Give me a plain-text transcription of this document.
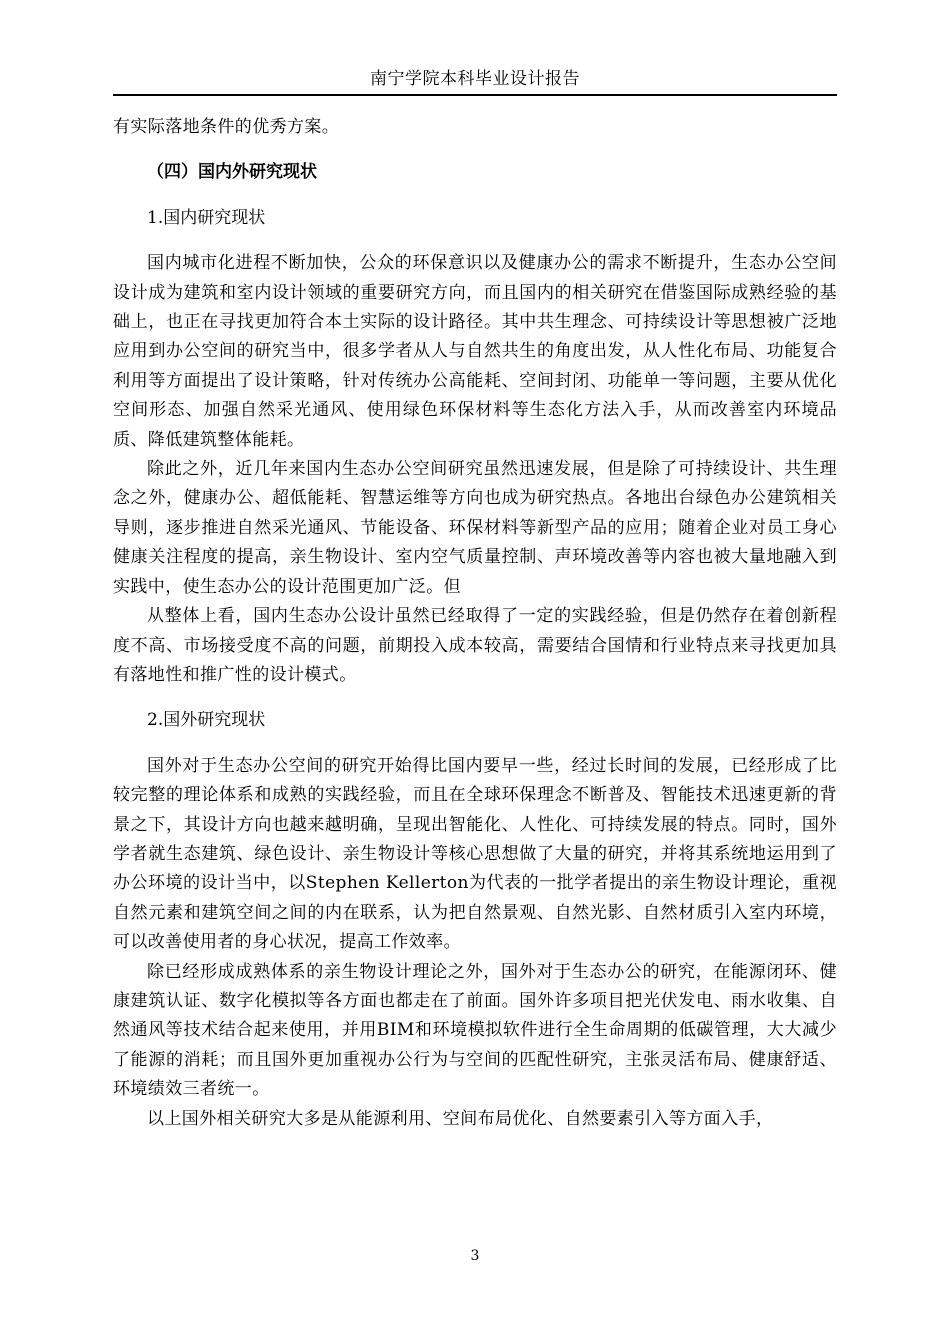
南宁学院本科毕业设计报告

有实际落地条件的优秀方案。

（四）国内外研究现状
1.国内研究现状

国内城市化进程不断加快，公众的环保意识以及健康办公的需求不断提升，生态办公空间设计成为建筑和室内设计领域的重要研究方向，而且国内的相关研究在借鉴国际成熟经验的基础上，也正在寻找更加符合本土实际的设计路径。其中共生理念、可持续设计等思想被广泛地应用到办公空间的研究当中，很多学者从人与自然共生的角度出发，从人性化布局、功能复合利用等方面提出了设计策略，针对传统办公高能耗、空间封闭、功能单一等问题，主要从优化空间形态、加强自然采光通风、使用绿色环保材料等生态化方法入手，从而改善室内环境品质、降低建筑整体能耗。

除此之外，近几年来国内生态办公空间研究虽然迅速发展，但是除了可持续设计、共生理念之外，健康办公、超低能耗、智慧运维等方向也成为研究热点。各地出台绿色办公建筑相关导则，逐步推进自然采光通风、节能设备、环保材料等新型产品的应用；随着企业对员工身心健康关注程度的提高，亲生物设计、室内空气质量控制、声环境改善等内容也被大量地融入到实践中，使生态办公的设计范围更加广泛。但

从整体上看，国内生态办公设计虽然已经取得了一定的实践经验，但是仍然存在着创新程度不高、市场接受度不高的问题，前期投入成本较高，需要结合国情和行业特点来寻找更加具有落地性和推广性的设计模式。

2.国外研究现状

国外对于生态办公空间的研究开始得比国内要早一些，经过长时间的发展，已经形成了比较完整的理论体系和成熟的实践经验，而且在全球环保理念不断普及、智能技术迅速更新的背景之下，其设计方向也越来越明确，呈现出智能化、人性化、可持续发展的特点。同时，国外学者就生态建筑、绿色设计、亲生物设计等核心思想做了大量的研究，并将其系统地运用到了办公环境的设计当中，以Stephen Kellerton为代表的一批学者提出的亲生物设计理论，重视自然元素和建筑空间之间的内在联系，认为把自然景观、自然光影、自然材质引入室内环境，可以改善使用者的身心状况，提高工作效率。

除已经形成成熟体系的亲生物设计理论之外，国外对于生态办公的研究，在能源闭环、健康建筑认证、数字化模拟等各方面也都走在了前面。国外许多项目把光伏发电、雨水收集、自然通风等技术结合起来使用，并用BIM和环境模拟软件进行全生命周期的低碳管理，大大减少了能源的消耗；而且国外更加重视办公行为与空间的匹配性研究，主张灵活布局、健康舒适、环境绩效三者统一。

以上国外相关研究大多是从能源利用、空间布局优化、自然要素引入等方面入手，

3
